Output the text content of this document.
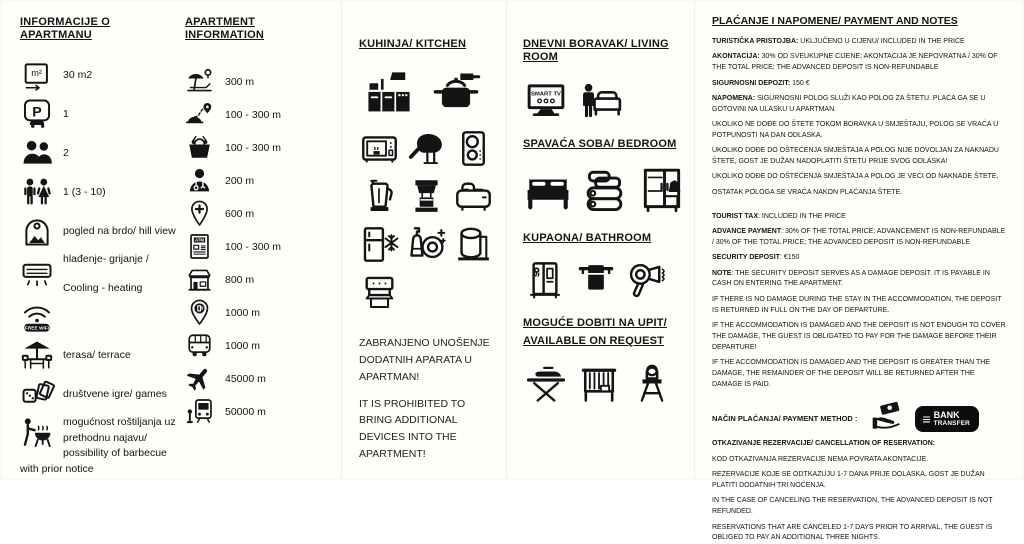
INFORMACIJE O APARTMANU
m² 30 m2
P 1
2
1 (3 - 10)
pogled na brdo/ hill view
hlađenje- grijanje /

Cooling - heating
FREE WIFI
terasa/ terrace
društvene igre/ games
mogućnost roštiljanja uz prethodnu najavu/ possibility of barbecue with prior notice
APARTMENT INFORMATION
300 m
100 - 300 m
100 - 300 m
200 m
600 m
ATM
100 - 300 m
800 m
1000 m
1000 m
45000 m
50000 m
KUHINJA/ KITCHEN

ZABRANJENO UNOŠENJE DODATNIH APARATA U APARTMAN!

IT IS PROHIBITED TO BRING ADDITIONAL DEVICES INTO THE APARTMENT!

DNEVNI BORAVAK/ LIVING ROOM
SMART TV
SPAVAĆA SOBA/ BEDROOM
KUPAONA/ BATHROOM
MOGUĆE DOBITI NA UPIT/
AVAILABLE ON REQUEST
PLAĆANJE I NAPOMENE/ PAYMENT AND NOTES

TURISTIČKA PRISTOJBA: UKLJUČENO U CIJENU/ INCLUDED IN THE PRICE

AKONTACIJA: 30% OD SVEUKUPNE CIJENE; AKONTACIJA JE NEPOVRATNA / 30% OF THE TOTAL PRICE; THE ADVANCED DEPOSIT IS NON-REFUNDABLE

SIGURNOSNI DEPOZIT: 150 €

NAPOMENA: SIGURNOSNI POLOG SLUŽI KAO POLOG ZA ŠTETU. PLAĆA GA SE U GOTOVINI NA ULASKU U APARTMAN.

UKOLIKO NE DOĐE DO ŠTETE TOKOM BORAVKA U SMJEŠTAJU, POLOG SE VRAĆA U POTPUNOSTI NA DAN ODLASKA.

UKOLIKO DOĐE DO OŠTEĆENJA SMJEŠTAJA A POLOG NIJE DOVOLJAN ZA NAKNADU ŠTETE, GOST JE DUŽAN NADOPLATITI ŠTETU PRIJE SVOG ODLASKA!

UKOLIKO DOĐE DO OŠTEĆENJA SMJEŠTAJA A POLOG JE VEĆI OD NAKNADE ŠTETE,

OSTATAK POLOGA SE VRAĆA NAKON PLAĆANJA ŠTETE.

TOURIST TAX: INCLUDED IN THE PRICE

ADVANCE PAYMENT: 30% OF THE TOTAL PRICE; ADVANCEMENT IS NON-REFUNDABLE / 30% OF THE TOTAL PRICE; THE ADVANCED DEPOSIT IS NON-REFUNDABLE

SECURITY DEPOSIT: €150

NOTE: THE SECURITY DEPOSIT SERVES AS A DAMAGE DEPOSIT. IT IS PAYABLE IN CASH ON ENTERING THE APARTMENT.

IF THERE IS NO DAMAGE DURING THE STAY IN THE ACCOMMODATION, THE DEPOSIT IS RETURNED IN FULL ON THE DAY OF DEPARTURE.

IF THE ACCOMMODATION IS DAMAGED AND THE DEPOSIT IS NOT ENOUGH TO COVER THE DAMAGE, THE GUEST IS OBLIGATED TO PAY FOR THE DAMAGE BEFORE THEIR DEPARTURE!

IF THE ACCOMMODATION IS DAMAGED AND THE DEPOSIT IS GREATER THAN THE DAMAGE, THE REMAINDER OF THE DEPOSIT WILL BE RETURNED AFTER THE DAMAGE IS PAID.

NAČIN PLAĆANJA/ PAYMENT METHOD :	≡ BANK
TRANSFER

OTKAZIVANJE REZERVACIJE/ CANCELLATION OF RESERVATION:

KOD OTKAZIVANJA REZERVACIJE NEMA POVRATA AKONTACIJE.

REZERVACIJE KOJE SE ODTKAZUJU 1-7 DANA PRIJE DOLASKA, GOST JE DUŽAN PLATITI DODATNIH TRI NOĆENJA.

IN THE CASE OF CANCELING THE RESERVATION, THE ADVANCED DEPOSIT IS NOT REFUNDED.

RESERVATIONS THAT ARE CANCELED 1-7 DAYS PRIOR TO ARRIVAL, THE GUEST IS OBLIGED TO PAY AN ADDITIONAL THREE NIGHTS.
